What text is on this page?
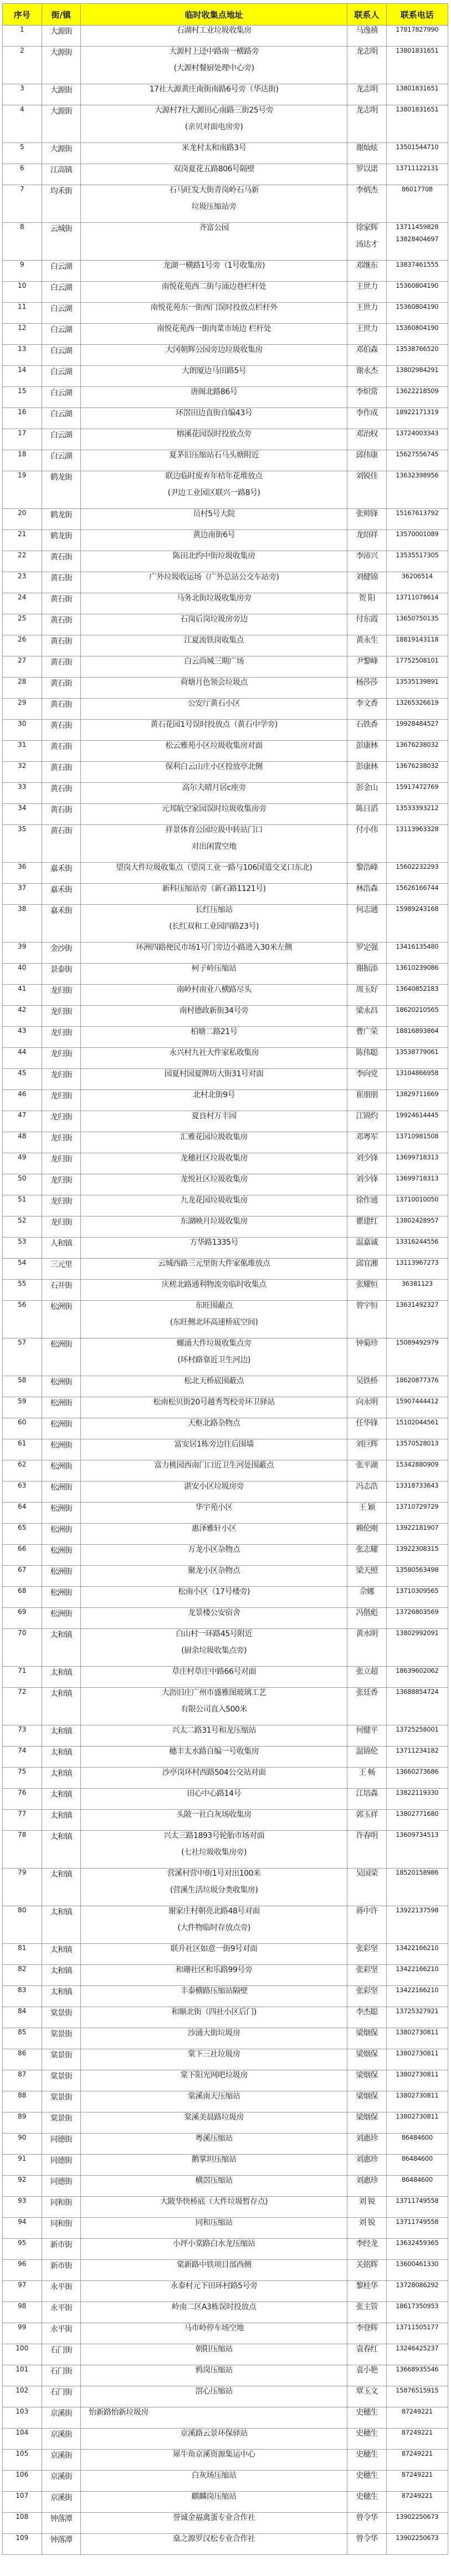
序号	街/镇	临时收集点地址	联系人	联系电话
1	大源街	石湖村工业垃圾收集房	马逸禧	17817827990

2	大源街	大源村上迳中路南一横路旁
(大源村餐厨处理中心旁)	龙志明	13801831651

3	大源街	17社大源黄庄南街南路6号旁（华达街)	龙志明	13801831651

4	大源街	大源村7社大源田心南路三街25号旁
(亲贝对面电房旁)	龙志明	13801831651

5	大源街	米龙村太和南路3号	谢灿炫	13501544710

6	江高镇	双岗夏花五路806号隔壁	罗以诺	13711122131

7	均禾街	石马旺发大街青岗岭石马新
垃圾压缩站旁	李炳杰	86017708

8	云城街	齐富公园	徐家辉
汤达才	13711459828
13828404697

9	白云湖	龙湖一横路1号旁（1号收集房)	邓继东	13837461555

10	白云湖	南悦花苑西二街与涌边巷栏杆处	王世力	15360804190

11	白云湖	南悦花苑东一街西门误时投放点栏杆外	王世力	15360804190

12	白云湖	南悦花苑西一街肉菜市场边 栏杆处	王世力	15360804190

13	白云湖	大冈朝辉公园旁边垃圾收集房	邓伯森	13538766520

14	白云湖	大朗厦边马田路5号	谢永杰	13802984291

15	白云湖	唐阁北路86号	李炽常	13622218509

16	白云湖	环滘田边直街自编43号	李作成	18922171319

17	白云湖	榕溪花园误时投放点旁	邓治权	13724003343

18	白云湖	夏茅旧压缩站石马头塘附近	邱伟康	15627556745

19	鹤龙街	联边临时废弃年桔年花堆放点
(尹边工业园区联兴一路8号)	刘锐佳	13632398956

20	鹤龙街	员村5号大院	张帅锋	15167613792

21	鹤龙街	黄边南街6号	龙绍祥	13570001089

22	黄石街	陈田北约中街垃圾收集房	李沛兴	13535517305

23	黄石街	广外垃圾收运场（广外总站公交车站旁)	刘健锦	36206514

24	黄石街	马务北街垃圾收集房旁	贺 阳	13711078614

25	黄石街	石岗后岗垃圾房旁边	付东霞	13650750135

26	黄石街	江夏流铁岗收集点	黄永生	18819143118

27	黄石街	白云尚城三期广场	尹黎峰	17752508101

28	黄石街	荷塘月色领会垃圾点	杨莎莎	13535139891

29	黄石街	公安厅黄石小区	李文香	13265326619

30	黄石街	黄石花园1号误时投放点（黄石中学旁)	石铁香	19928484527

31	黄石街	松云雅苑小区垃圾收集房对面	彭康林	13676238032

32	黄石街	保利白云山庄小区投放亭北侧	彭康林	13676238032

33	黄石街	高尔夫晴月居c座旁	彭金山	15917472769

34	黄石街	元邦航空家园误时垃圾收集房旁	陈日滔	13533393212

35	黄石街	祥景体育公园垃圾中转站门口
对出闲置空地	付小伟	13113963328

36	嘉禾街	望岗大件垃圾收集点（望岗工业一路与106国道交叉口东北)	黎浩峰	15602232293

37	嘉禾街	新科压缩站旁（新石路1121号)	林浩森	15626166744

38	嘉禾街	长红压缩站
(长红双和工业园四路23号)	何志通	15989243168

39	金沙街	环洲四路便民市场1号门旁边小路进入30米左侧	罗定强	13416135480

40	景泰街	柯子岭压缩站	谢振添	13610239086

41	龙归街	南岭村南业八横路尽头	周玉好	13640852183

42	龙归街	南村德政新街34号旁	梁永昌	18620210565

43	龙归街	柏塘二路21号	曹广荣	18816893864

44	龙归街	永兴村九社大件家私收集房	陈伟聪	13538779061

45	龙归街	园夏村园夏牌坊大街31号对面	李向党	13104866958

46	龙归街	北村北街9号	崔朋朋	13829711669

47	龙归街	夏良村万丰园	江锦灼	19924614445

48	龙归街	汇雅花园垃圾收集房	邓粤军	13710981508

49	龙归街	龙穗社区垃圾收集房	刘少锋	13699718313

50	龙归街	龙悦社区垃圾收集房	刘少锋	13699718313

51	龙归街	九龙花园垃圾收集房	徐作通	13710010050

52	龙归街	东湖映月垃圾收集房	瞿建红	13802428957

53	人和镇	方华路1335号	温嘉诚	13316244556

54	三元里	云城西路三元里街大件家俬堆放点	邱宜湘	13113967273

55	石井街	庆槎北路通利物流旁临时收集点	张耀恒	36381123

56	松洲街	东旺围蔽点
(东旺侧北环高速桥底空间)	曾宇恒	13631492327

57	松洲街	螺涌大件垃圾收集点旁
(环村路靠近卫生河边)	钟菊珍	15089492979

58	松洲街	松北天桥底围蔽点	吴铁桥	18620877376

59	松洲街	松南松贝街20号越秀驾校旁环卫驿站	向永明	15907444412

60	松洲街	天枢北路杂物点	任华锋	15102044561

61	松洲街	富安居1栋旁边往后围墙	刘巨辉	13570528013

62	松洲街	富力桃园西南门口近卫生河处围蔽点	张平湖	15342880909

63	松洲街	湛安小区垃圾房旁	冯志浩	13318733643

64	松洲街	华宇苑小区	王 颖	13710729729

65	松洲街	惠泽雅轩小区	赖伦刚	13922181907

66	松洲街	万龙小区杂物点	张志耀	13922308315

67	松洲街	聚龙小区杂物点	梁天照	13580563498

68	松洲街	松南小区（17号楼旁)	佘娜	13710309565

69	松洲街	龙景楼公安宿舍	冯偕彪	13726803569

70	太和镇	白山村一环路45号附近
(厨余垃圾收集点旁)	黄水明	13802992091

71	太和镇	草庄村草庄中路66号对面	张立超	18639602062

72	太和镇	大沥旧庄广州市盛雅图玻璃工艺
有限公司直入500米	张廷香	13688854724

73	太和镇	兴太二路31号和龙压缩站	何健平	13725258001

74	太和镇	穗丰太水路自编一号收集房	温锦伦	13711234182

75	太和镇	沙亭岗环村西路504公交站对面	王 畅	13660273686

76	太和镇	田心中心路14号	江培森	13822119330

77	太和镇	头陂一社白灰场收集房	郭玉祥	13802771680

78	太和镇	兴太三路1893号轮胎市场对面
(七社垃圾收集房旁)	许春明	13609734513

79	太和镇	营溪村营中街1号对出100米
(营溪生活垃圾分类收集房)	吴国荣	18520158986

80	太和镇	谢家庄村朝亮北路48号对面
(大件物临时存放点旁)	蒋中许	13922137598

81	太和镇	联升社区如意一街9号对面	张彩坚	13422166210

82	太和镇	和珊社区和乐路99号旁	张彩坚	13422166210

83	太和镇	丰泰横路压缩站隔壁	张彩坚	13422166210

84	棠景街	和顺北街（四社小区后门)	李杰聪	13725327921

85	棠景街	沙涌大街垃圾房	梁烟保	13802730811

86	棠景街	棠下三社垃圾房	梁烟保	13802730811

87	棠景街	棠下阳光网吧垃圾房	梁烟保	13802730811

88	棠景街	棠溪南天压缩站	梁烟保	13802730811

89	棠景街	棠溪美晨路垃圾房	梁烟保	13802730811

90	同德街	粤溪压缩站	刘惠珍	86484600

91	同德街	鹅掌坦压缩站	刘惠珍	86484600

92	同德街	横滘压缩站	刘惠珍	86484600

93	同和街	大陂华快桥底（大件垃圾暂存点)	刘 锐	13711749558

94	同和街	同和压缩站	刘 锐	13711749558

95	新市街	小坪小棠路白水龙压缩站	李经龙	13632459365

96	新市街	棠新路中铁项目部西侧	关铭辉	13600461330

97	永平街	永泰村元下田环村路5号旁	黎桂华	13728086292

98	永平街	岭南二区A3栋误时投放点	张主管	18617350953

99	永平街	马市岭停车场空地	李登辉	13711505177

100	石门街	朝阳压缩站	袁春红	13246425237

101	石门街	鸦岗压缩站	袁小艳	13668935546

102	石门街	滘心压缩站	覃玉文	15876515915

103	京溪街	怡新路怡新垃圾房	史穗生	87249221

104	京溪街	京溪路云景环保驿站	史穗生	87249221

105	京溪街	犀牛角京溪资源集运中心	史穗生	87249221

106	京溪街	白灰场压缩站	史穗生	87249221

107	京溪街	麒麟岗压缩站	史穗生	87249221

108	钟落潭	誉诚金福禽蛋专业合作社	曾令华	13902250673

109	钟落潭	燊之源罗汉松专业合作社	曾令华	13902250673
